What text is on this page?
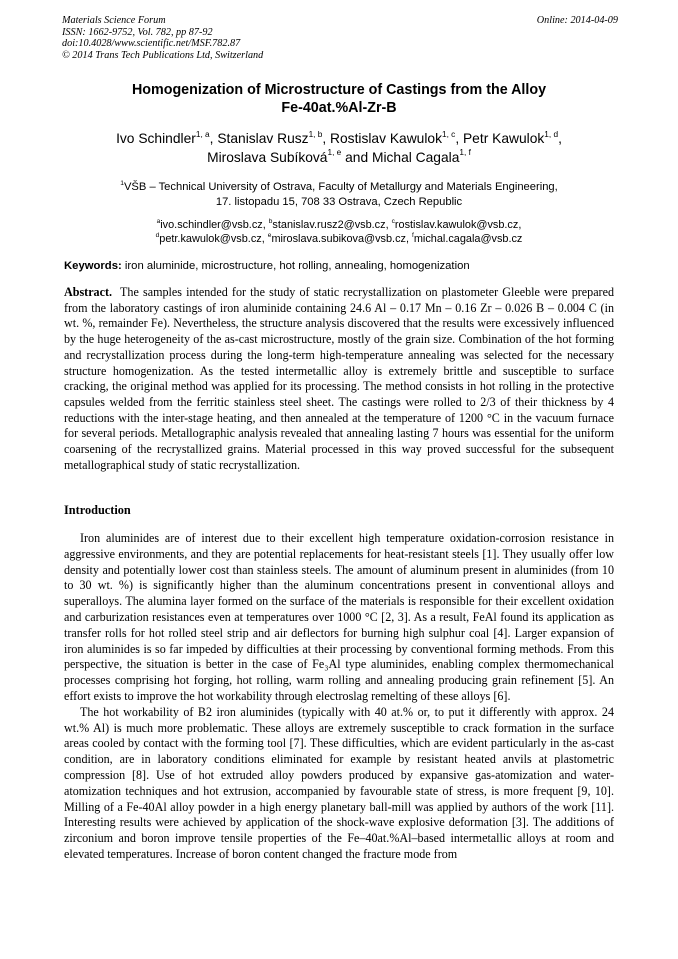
Materials Science Forum
ISSN: 1662-9752, Vol. 782, pp 87-92
doi:10.4028/www.scientific.net/MSF.782.87
© 2014 Trans Tech Publications Ltd, Switzerland
Online: 2014-04-09
Homogenization of Microstructure of Castings from the Alloy
Fe-40at.%Al-Zr-B
Ivo Schindler$^{1, a}$, Stanislav Rusz$^{1, b}$, Rostislav Kawulok$^{1, c}$, Petr Kawulok$^{1, d}$,
Miroslava Subíková$^{1, e}$ and Michal Cagala$^{1, f}$
$^1$VŠB – Technical University of Ostrava, Faculty of Metallurgy and Materials Engineering,
17. listopadu 15, 708 33 Ostrava, Czech Republic
$^a$ivo.schindler@vsb.cz, $^b$stanislav.rusz2@vsb.cz, $^c$rostislav.kawulok@vsb.cz,
$^d$petr.kawulok@vsb.cz, $^e$miroslava.subikova@vsb.cz, $^f$michal.cagala@vsb.cz
Keywords: iron aluminide, microstructure, hot rolling, annealing, homogenization

Abstract. The samples intended for the study of static recrystallization on plastometer Gleeble were prepared from the laboratory castings of iron aluminide containing 24.6 Al – 0.17 Mn – 0.16 Zr – 0.026 B – 0.004 C (in wt. %, remainder Fe). Nevertheless, the structure analysis discovered that the results were excessively influenced by the huge heterogeneity of the as-cast microstructure, mostly of the grain size. Combination of the hot forming and recrystallization process during the long-term high-temperature annealing was selected for the necessary structure homogenization. As the tested intermetallic alloy is extremely brittle and susceptible to surface cracking, the original method was applied for its processing. The method consists in hot rolling in the protective capsules welded from the ferritic stainless steel sheet. The castings were rolled to 2/3 of their thickness by 4 reductions with the inter-stage heating, and then annealed at the temperature of 1200 °C in the vacuum furnace for several periods. Metallographic analysis revealed that annealing lasting 7 hours was essential for the uniform coarsening of the recrystallized grains. Material processed in this way proved successful for the subsequent metallographical study of static recrystallization.

Introduction

Iron aluminides are of interest due to their excellent high temperature oxidation-corrosion resistance in aggressive environments, and they are potential replacements for heat-resistant steels [1]. They usually offer low density and potentially lower cost than stainless steels. The amount of aluminum present in aluminides (from 10 to 30 wt. %) is significantly higher than the aluminum concentrations present in conventional alloys and superalloys. The alumina layer formed on the surface of the materials is responsible for their excellent oxidation and carburization resistances even at temperatures over 1000 °C [2, 3]. As a result, FeAl found its application as transfer rolls for hot rolled steel strip and air deflectors for burning high sulphur coal [4]. Larger expansion of iron aluminides is so far impeded by difficulties at their processing by conventional forming methods. From this perspective, the situation is better in the case of Fe₃Al type aluminides, enabling complex thermomechanical processes comprising hot forging, hot rolling, warm rolling and annealing producing grain refinement [5]. An effort exists to improve the hot workability through electroslag remelting of these alloys [6].

The hot workability of B2 iron aluminides (typically with 40 at.% or, to put it differently with approx. 24 wt.% Al) is much more problematic. These alloys are extremely susceptible to crack formation in the surface areas cooled by contact with the forming tool [7]. These difficulties, which are evident particularly in the as-cast condition, are in laboratory conditions eliminated for example by resistant heated anvils at plastometric compression [8]. Use of hot extruded alloy powders produced by expansive gas-atomization and water-atomization techniques and hot extrusion, accompanied by favourable state of stress, is more frequent [9, 10]. Milling of a Fe-40Al alloy powder in a high energy planetary ball-mill was applied by authors of the work [11]. Interesting results were achieved by application of the shock-wave explosive deformation [3]. The additions of zirconium and boron improve tensile properties of the Fe–40at.%Al–based intermetallic alloys at room and elevated temperatures. Increase of boron content changed the fracture mode from
